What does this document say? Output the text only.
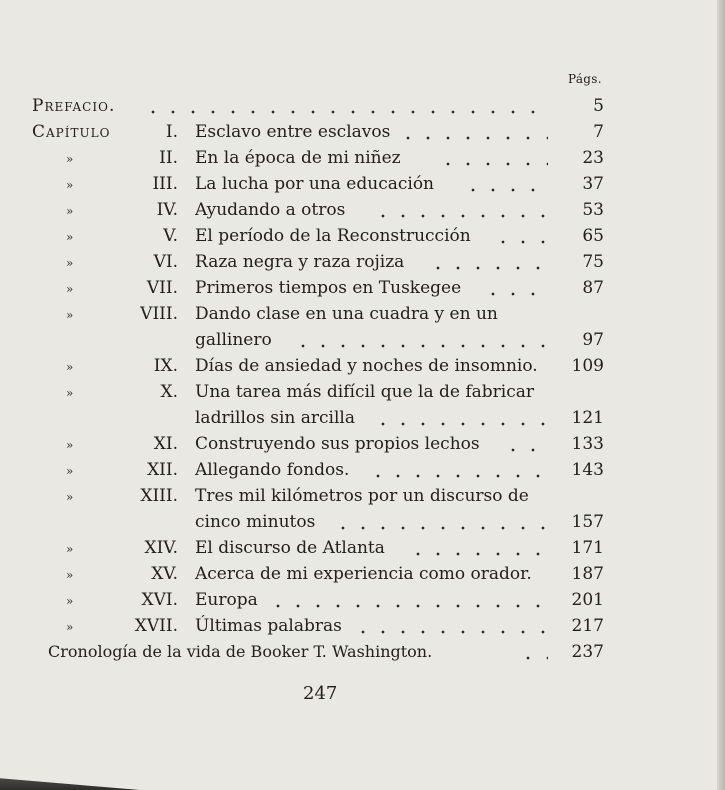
Págs.
Prefacio.	5
Capítulo	I. Esclavo entre esclavos	7
»	II. En la época de mi niñez	23
»	III. La lucha por una educación	37
»	IV. Ayudando a otros	53
»	V. El período de la Reconstrucción	65
»	VI. Raza negra y raza rojiza	75
»	VII. Primeros tiempos en Tuskegee	87
»	VIII. Dando clase en una cuadra y en un
gallinero	97
»	IX. Días de ansiedad y noches de insomnio.	109
»	X. Una tarea más difícil que la de fabricar
ladrillos sin arcilla	121
»	XI. Construyendo sus propios lechos	133
»	XII. Allegando fondos.	143
»	XIII. Tres mil kilómetros por un discurso de
cinco minutos	157
»	XIV. El discurso de Atlanta	171
»	XV. Acerca de mi experiencia como orador.	187
»	XVI. Europa	201
»	XVII. Últimas palabras	217
Cronología de la vida de Booker T. Washington.	237
247
